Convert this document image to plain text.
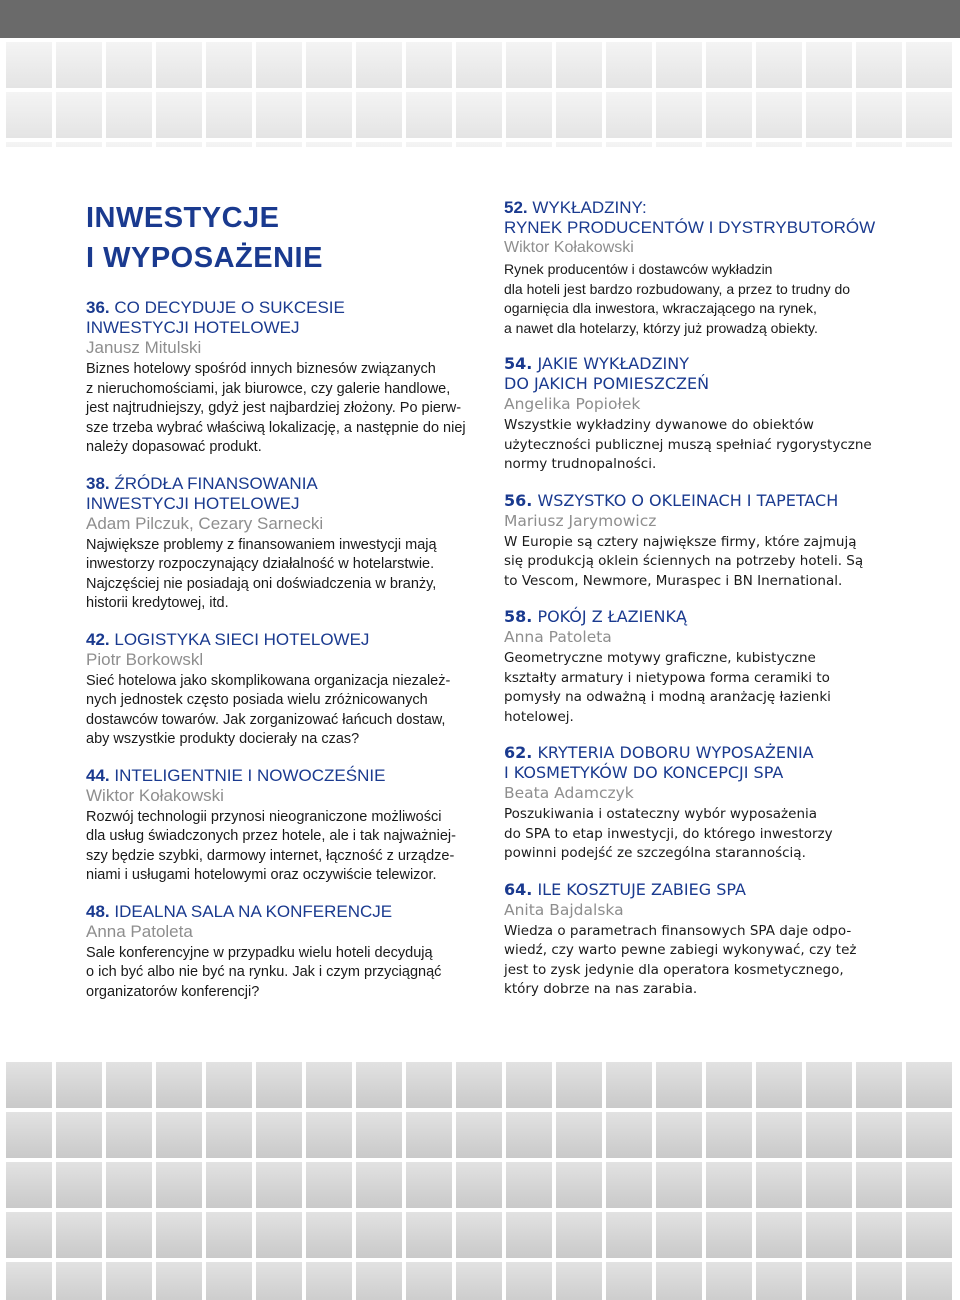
INWESTYCJE
I WYPOSAŻENIE
36. CO DECYDUJE O SUKCESIE
INWESTYCJI HOTELOWEJ
Janusz Mitulski
Biznes hotelowy spośród innych biznesów związanych
z nieruchomościami, jak biurowce, czy galerie handlowe,
jest najtrudniejszy, gdyż jest najbardziej złożony. Po pierw-
sze trzeba wybrać właściwą lokalizację, a następnie do niej
należy dopasować produkt.
38. ŹRÓDŁA FINANSOWANIA
INWESTYCJI HOTELOWEJ
Adam Pilczuk, Cezary Sarnecki
Największe problemy z finansowaniem inwestycji mają
inwestorzy rozpoczynający działalność w hotelarstwie.
Najczęściej nie posiadają oni doświadczenia w branży,
historii kredytowej, itd.
42. LOGISTYKA SIECI HOTELOWEJ
Piotr Borkowskl
Sieć hotelowa jako skomplikowana organizacja niezależ-
nych jednostek często posiada wielu zróżnicowanych
dostawców towarów. Jak zorganizować łańcuch dostaw,
aby wszystkie produkty docierały na czas?
44. INTELIGENTNIE I NOWOCZEŚNIE
Wiktor Kołakowski
Rozwój technologii przynosi nieograniczone możliwości
dla usług świadczonych przez hotele, ale i tak najważniej-
szy będzie szybki, darmowy internet, łączność z urządze-
niami i usługami hotelowymi oraz oczywiście telewizor.
48. IDEALNA SALA NA KONFERENCJE
Anna Patoleta
Sale konferencyjne w przypadku wielu hoteli decydują
o ich być albo nie być na rynku. Jak i czym przyciągnąć
organizatorów konferencji?
52. WYKŁADZINY:
RYNEK PRODUCENTÓW I DYSTRYBUTORÓW
Wiktor Kołakowski
Rynek producentów i dostawców wykładzin
dla hoteli jest bardzo rozbudowany, a przez to trudny do
ogarnięcia dla inwestora, wkraczającego na rynek,
a nawet dla hotelarzy, którzy już prowadzą obiekty.
54. JAKIE WYKŁADZINY
DO JAKICH POMIESZCZEŃ
Angelika Popiołek
Wszystkie wykładziny dywanowe do obiektów
użyteczności publicznej muszą spełniać rygorystyczne
normy trudnopalności.
56. WSZYSTKO O OKLEINACH I TAPETACH
Mariusz Jarymowicz
W Europie są cztery największe firmy, które zajmują
się produkcją oklein ściennych na potrzeby hoteli. Są
to Vescom, Newmore, Muraspec i BN Inernational.
58. POKÓJ Z ŁAZIENKĄ
Anna Patoleta
Geometryczne motywy graficzne, kubistyczne
kształty armatury i nietypowa forma ceramiki to
pomysły na odważną i modną aranżację łazienki
hotelowej.
62. KRYTERIA DOBORU WYPOSAŻENIA
I KOSMETYKÓW DO KONCEPCJI SPA
Beata Adamczyk
Poszukiwania i ostateczny wybór wyposażenia
do SPA to etap inwestycji, do którego inwestorzy
powinni podejść ze szczególna starannością.
64. ILE KOSZTUJE ZABIEG SPA
Anita Bajdalska
Wiedza o parametrach finansowych SPA daje odpo-
wiedź, czy warto pewne zabiegi wykonywać, czy też
jest to zysk jedynie dla operatora kosmetycznego,
który dobrze na nas zarabia.
